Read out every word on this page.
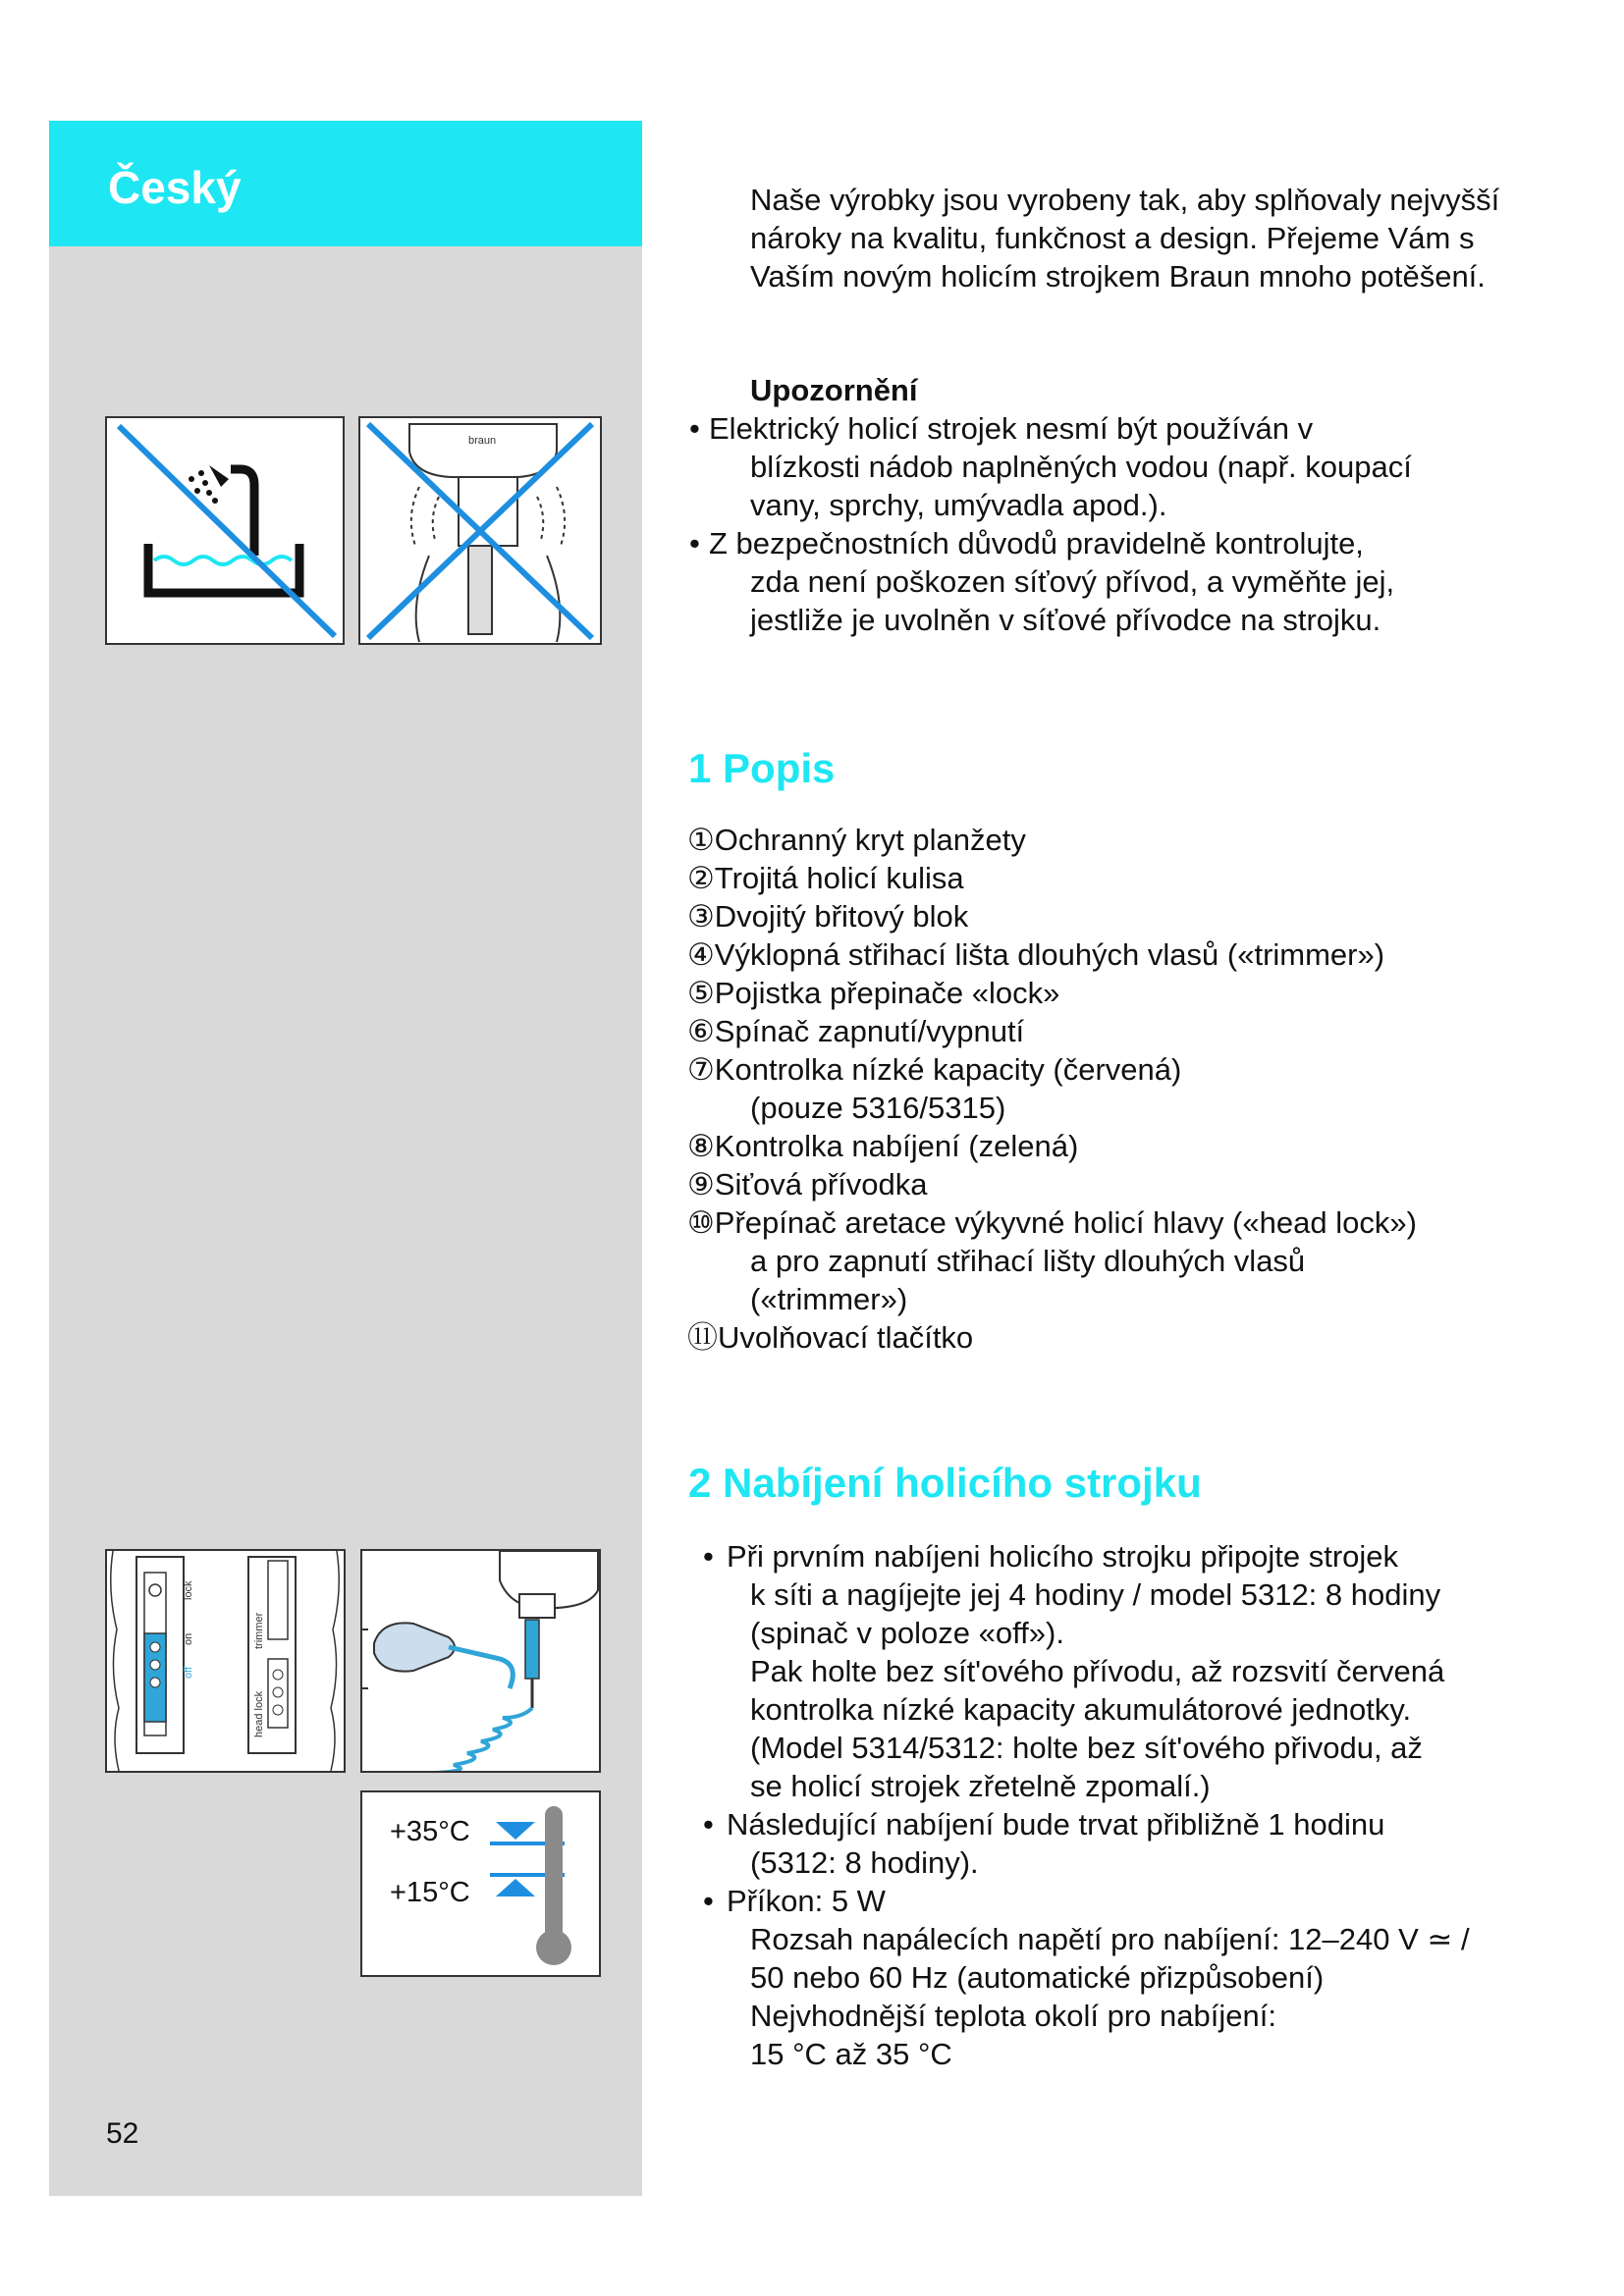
Český
braun
lock
on
off
trimmer
head lock
+35°C
+15°C
52

Naše výrobky jsou vyrobeny tak, aby splňovaly nejvyšší nároky na kvalitu, funkčnost a design. Přejeme Vám s Vaším novým holicím strojkem Braun mnoho potěšení.

Upozornění

• Elektrický holicí strojek nesmí být používán v
blízkosti nádob naplněných vodou (např. koupací
vany, sprchy, umývadla apod.).
• Z bezpečnostních důvodů pravidelně kontrolujte,
zda není poškozen síťový přívod, a vyměňte jej,
jestliže je uvolněn v síťové přívodce na strojku.
1 Popis
①Ochranný kryt planžety
②Trojitá holicí kulisa
③Dvojitý břitový blok
④Výklopná střihací lišta dlouhých vlasů («trimmer»)
⑤Pojistka přepinače «lock»
⑥Spínač zapnutí/vypnutí
⑦Kontrolka nízké kapacity (červená)
(pouze 5316/5315)
⑧Kontrolka nabíjení (zelená)
⑨Siťová přívodka
⑩Přepínač aretace výkyvné holicí hlavy («head lock»)
a pro zapnutí střihací lišty dlouhých vlasů
(«trimmer»)
⑪Uvolňovací tlačítko
2 Nabíjení holicího strojku
• Při prvním nabíjeni holicího strojku připojte strojek
k síti a nagíjejte jej 4 hodiny / model 5312: 8 hodiny
(spinač v poloze «off»).
Pak holte bez sít'ového přívodu, až rozsvití červená
kontrolka nízké kapacity akumulátorové jednotky.
(Model 5314/5312: holte bez sít'ového přivodu, až
se holicí strojek zřetelně zpomalí.)
• Následující nabíjení bude trvat přibližně 1 hodinu
(5312: 8 hodiny).
• Příkon: 5 W
Rozsah napálecích napětí pro nabíjení: 12–240 V ≃ /
50 nebo 60 Hz (automatické přizpůsobení)
Nejvhodnější teplota okolí pro nabíjení:
15 °C až 35 °C
